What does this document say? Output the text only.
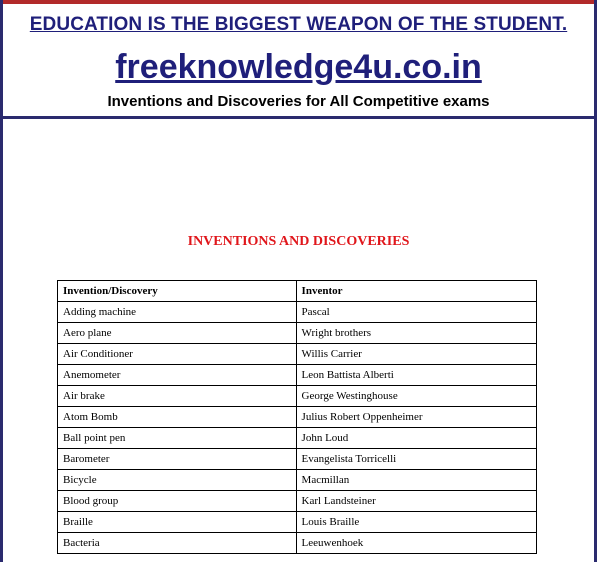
EDUCATION IS THE BIGGEST WEAPON OF THE STUDENT.
freeknowledge4u.co.in
Inventions and Discoveries for All Competitive exams
INVENTIONS AND DISCOVERIES
Invention/Discovery	Inventor
Adding machine	Pascal
Aero plane	Wright brothers
Air Conditioner	Willis Carrier
Anemometer	Leon Battista Alberti
Air brake	George Westinghouse
Atom Bomb	Julius Robert Oppenheimer
Ball point pen	John Loud
Barometer	Evangelista Torricelli
Bicycle	Macmillan
Blood group	Karl Landsteiner
Braille	Louis Braille
Bacteria	Leeuwenhoek
